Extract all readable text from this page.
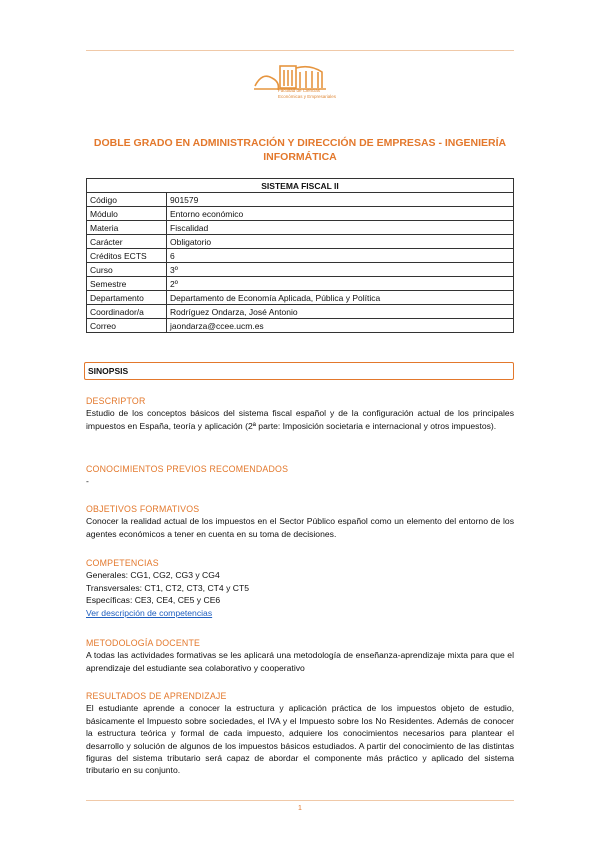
Facultad de Ciencias
Económicas y Empresariales
DOBLE GRADO EN ADMINISTRACIÓN Y DIRECCIÓN DE EMPRESAS - INGENIERÍA INFORMÁTICA
SISTEMA FISCAL II	
Código	901579
Módulo	Entorno económico
Materia	Fiscalidad
Carácter	Obligatorio
Créditos ECTS	6
Curso	3º
Semestre	2º
Departamento	Departamento de Economía Aplicada, Pública y Política
Coordinador/a	Rodríguez Ondarza, José Antonio
Correo	jaondarza@ccee.ucm.es
SINOPSIS
DESCRIPTOR
Estudio de los conceptos básicos del sistema fiscal español y de la configuración actual de los principales impuestos en España, teoría y aplicación (2ª parte: Imposición societaria e internacional y otros impuestos).
CONOCIMIENTOS PREVIOS RECOMENDADOS
-
OBJETIVOS FORMATIVOS
Conocer la realidad actual de los impuestos en el Sector Público español como un elemento del entorno de los agentes económicos a tener en cuenta en su toma de decisiones.
COMPETENCIAS
Generales: CG1, CG2, CG3 y CG4
Transversales: CT1, CT2, CT3, CT4 y CT5
Específicas: CE3, CE4, CE5 y CE6
Ver descripción de competencias
METODOLOGÍA DOCENTE
A todas las actividades formativas se les aplicará una metodología de enseñanza-aprendizaje mixta para que el aprendizaje del estudiante sea colaborativo y cooperativo
RESULTADOS DE APRENDIZAJE
El estudiante aprende a conocer la estructura y aplicación práctica de los impuestos objeto de estudio, básicamente el Impuesto sobre sociedades, el IVA y el Impuesto sobre los No Residentes. Además de conocer la estructura teórica y formal de cada impuesto, adquiere los conocimientos necesarios para plantear el desarrollo y solución de algunos de los impuestos básicos estudiados. A partir del conocimiento de las distintas figuras del sistema tributario será capaz de abordar el componente más práctico y aplicado del sistema tributario en su conjunto.
1
